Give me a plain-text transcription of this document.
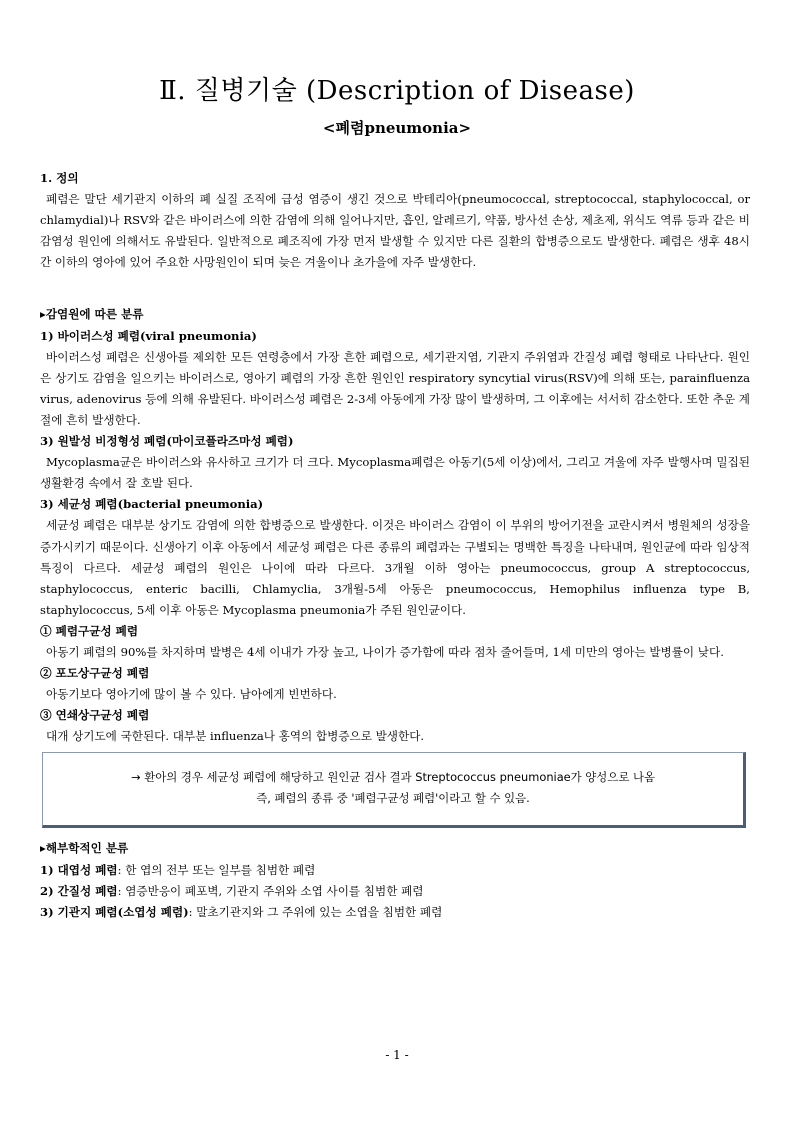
Ⅱ. 질병기술 (Description of Disease)
<폐렴pneumonia>
1. 정의

폐렴은 말단 세기관지 이하의 폐 실질 조직에 급성 염증이 생긴 것으로 박테리아(pneumococcal, streptococcal, staphylococcal, or chlamydial)나 RSV와 같은 바이러스에 의한 감염에 의해 일어나지만, 흡인, 알레르기, 약품, 방사선 손상, 제초제, 위식도 역류 등과 같은 비감염성 원인에 의해서도 유발된다. 일반적으로 폐조직에 가장 먼저 발생할 수 있지만 다른 질환의 합병증으로도 발생한다. 폐렴은 생후 48시간 이하의 영아에 있어 주요한 사망원인이 되며 늦은 겨울이나 초가을에 자주 발생한다.

▸감염원에 따른 분류
1) 바이러스성 폐렴(viral pneumonia)

바이러스성 폐렴은 신생아를 제외한 모든 연령층에서 가장 흔한 폐렴으로, 세기관지염, 기관지 주위염과 간질성 폐렴 형태로 나타난다. 원인은 상기도 감염을 일으키는 바이러스로, 영아기 폐렴의 가장 흔한 원인인 respiratory syncytial virus(RSV)에 의해 또는, parainfluenza virus, adenovirus 등에 의해 유발된다. 바이러스성 폐렴은 2-3세 아동에게 가장 많이 발생하며, 그 이후에는 서서히 감소한다. 또한 추운 계절에 흔히 발생한다.

3) 원발성 비정형성 폐렴(마이코플라즈마성 폐렴)

Mycoplasma균은 바이러스와 유사하고 크기가 더 크다. Mycoplasma폐렴은 아동기(5세 이상)에서, 그리고 겨울에 자주 발행사며 밀집된 생활환경 속에서 잘 호발 된다.

3) 세균성 폐렴(bacterial pneumonia)

세균성 폐렴은 대부분 상기도 감염에 의한 합병증으로 발생한다. 이것은 바이러스 감염이 이 부위의 방어기전을 교란시켜서 병원체의 성장을 증가시키기 때문이다. 신생아기 이후 아동에서 세균성 폐렴은 다른 종류의 폐렴과는 구별되는 명백한 특징을 나타내며, 원인균에 따라 임상적 특징이 다르다. 세균성 폐렴의 원인은 나이에 따라 다르다. 3개월 이하 영아는 pneumococcus, group A streptococcus, staphylococcus, enteric bacilli, Chlamyclia, 3개월-5세 아동은 pneumococcus, Hemophilus influenza type B, staphylococcus, 5세 이후 아동은 Mycoplasma pneumonia가 주된 원인균이다.

① 폐렴구균성 폐렴

아동기 폐렴의 90%를 차지하며 발병은 4세 이내가 가장 높고, 나이가 증가함에 따라 점차 줄어들며, 1세 미만의 영아는 발병률이 낮다.

② 포도상구균성 폐렴

아동기보다 영아기에 많이 볼 수 있다. 남아에게 빈번하다.

③ 연쇄상구균성 폐렴

대개 상기도에 국한된다. 대부분 influenza나 홍역의 합병증으로 발생한다.

→ 환아의 경우 세균성 폐렴에 해당하고 원인균 검사 결과 Streptococcus pneumoniae가 양성으로 나옴
즉, 폐렴의 종류 중 '폐렴구균성 폐렴'이라고 할 수 있음.
▸해부학적인 분류
1) 대엽성 폐렴: 한 엽의 전부 또는 일부를 침범한 폐렴
2) 간질성 폐렴: 염증반응이 폐포벽, 기관지 주위와 소엽 사이를 침범한 폐렴
3) 기관지 폐렴(소엽성 폐렴): 말초기관지와 그 주위에 있는 소엽을 침범한 폐렴
- 1 -
